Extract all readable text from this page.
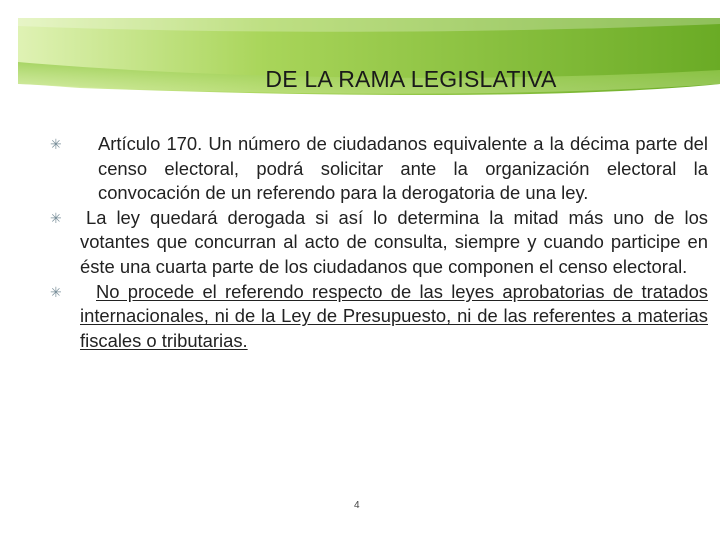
DE LA RAMA LEGISLATIVA
✳ Artículo 170. Un número de ciudadanos equivalente a la décima parte del censo electoral, podrá solicitar ante la organización electoral la convocación de un referendo para la derogatoria de una ley.
✳ La ley quedará derogada si así lo determina la mitad más uno de los votantes que concurran al acto de consulta, siempre y cuando participe en éste una cuarta parte de los ciudadanos que componen el censo electoral.
✳ No procede el referendo respecto de las leyes aprobatorias de tratados internacionales, ni de la Ley de Presupuesto, ni de las referentes a materias fiscales o tributarias.
4
